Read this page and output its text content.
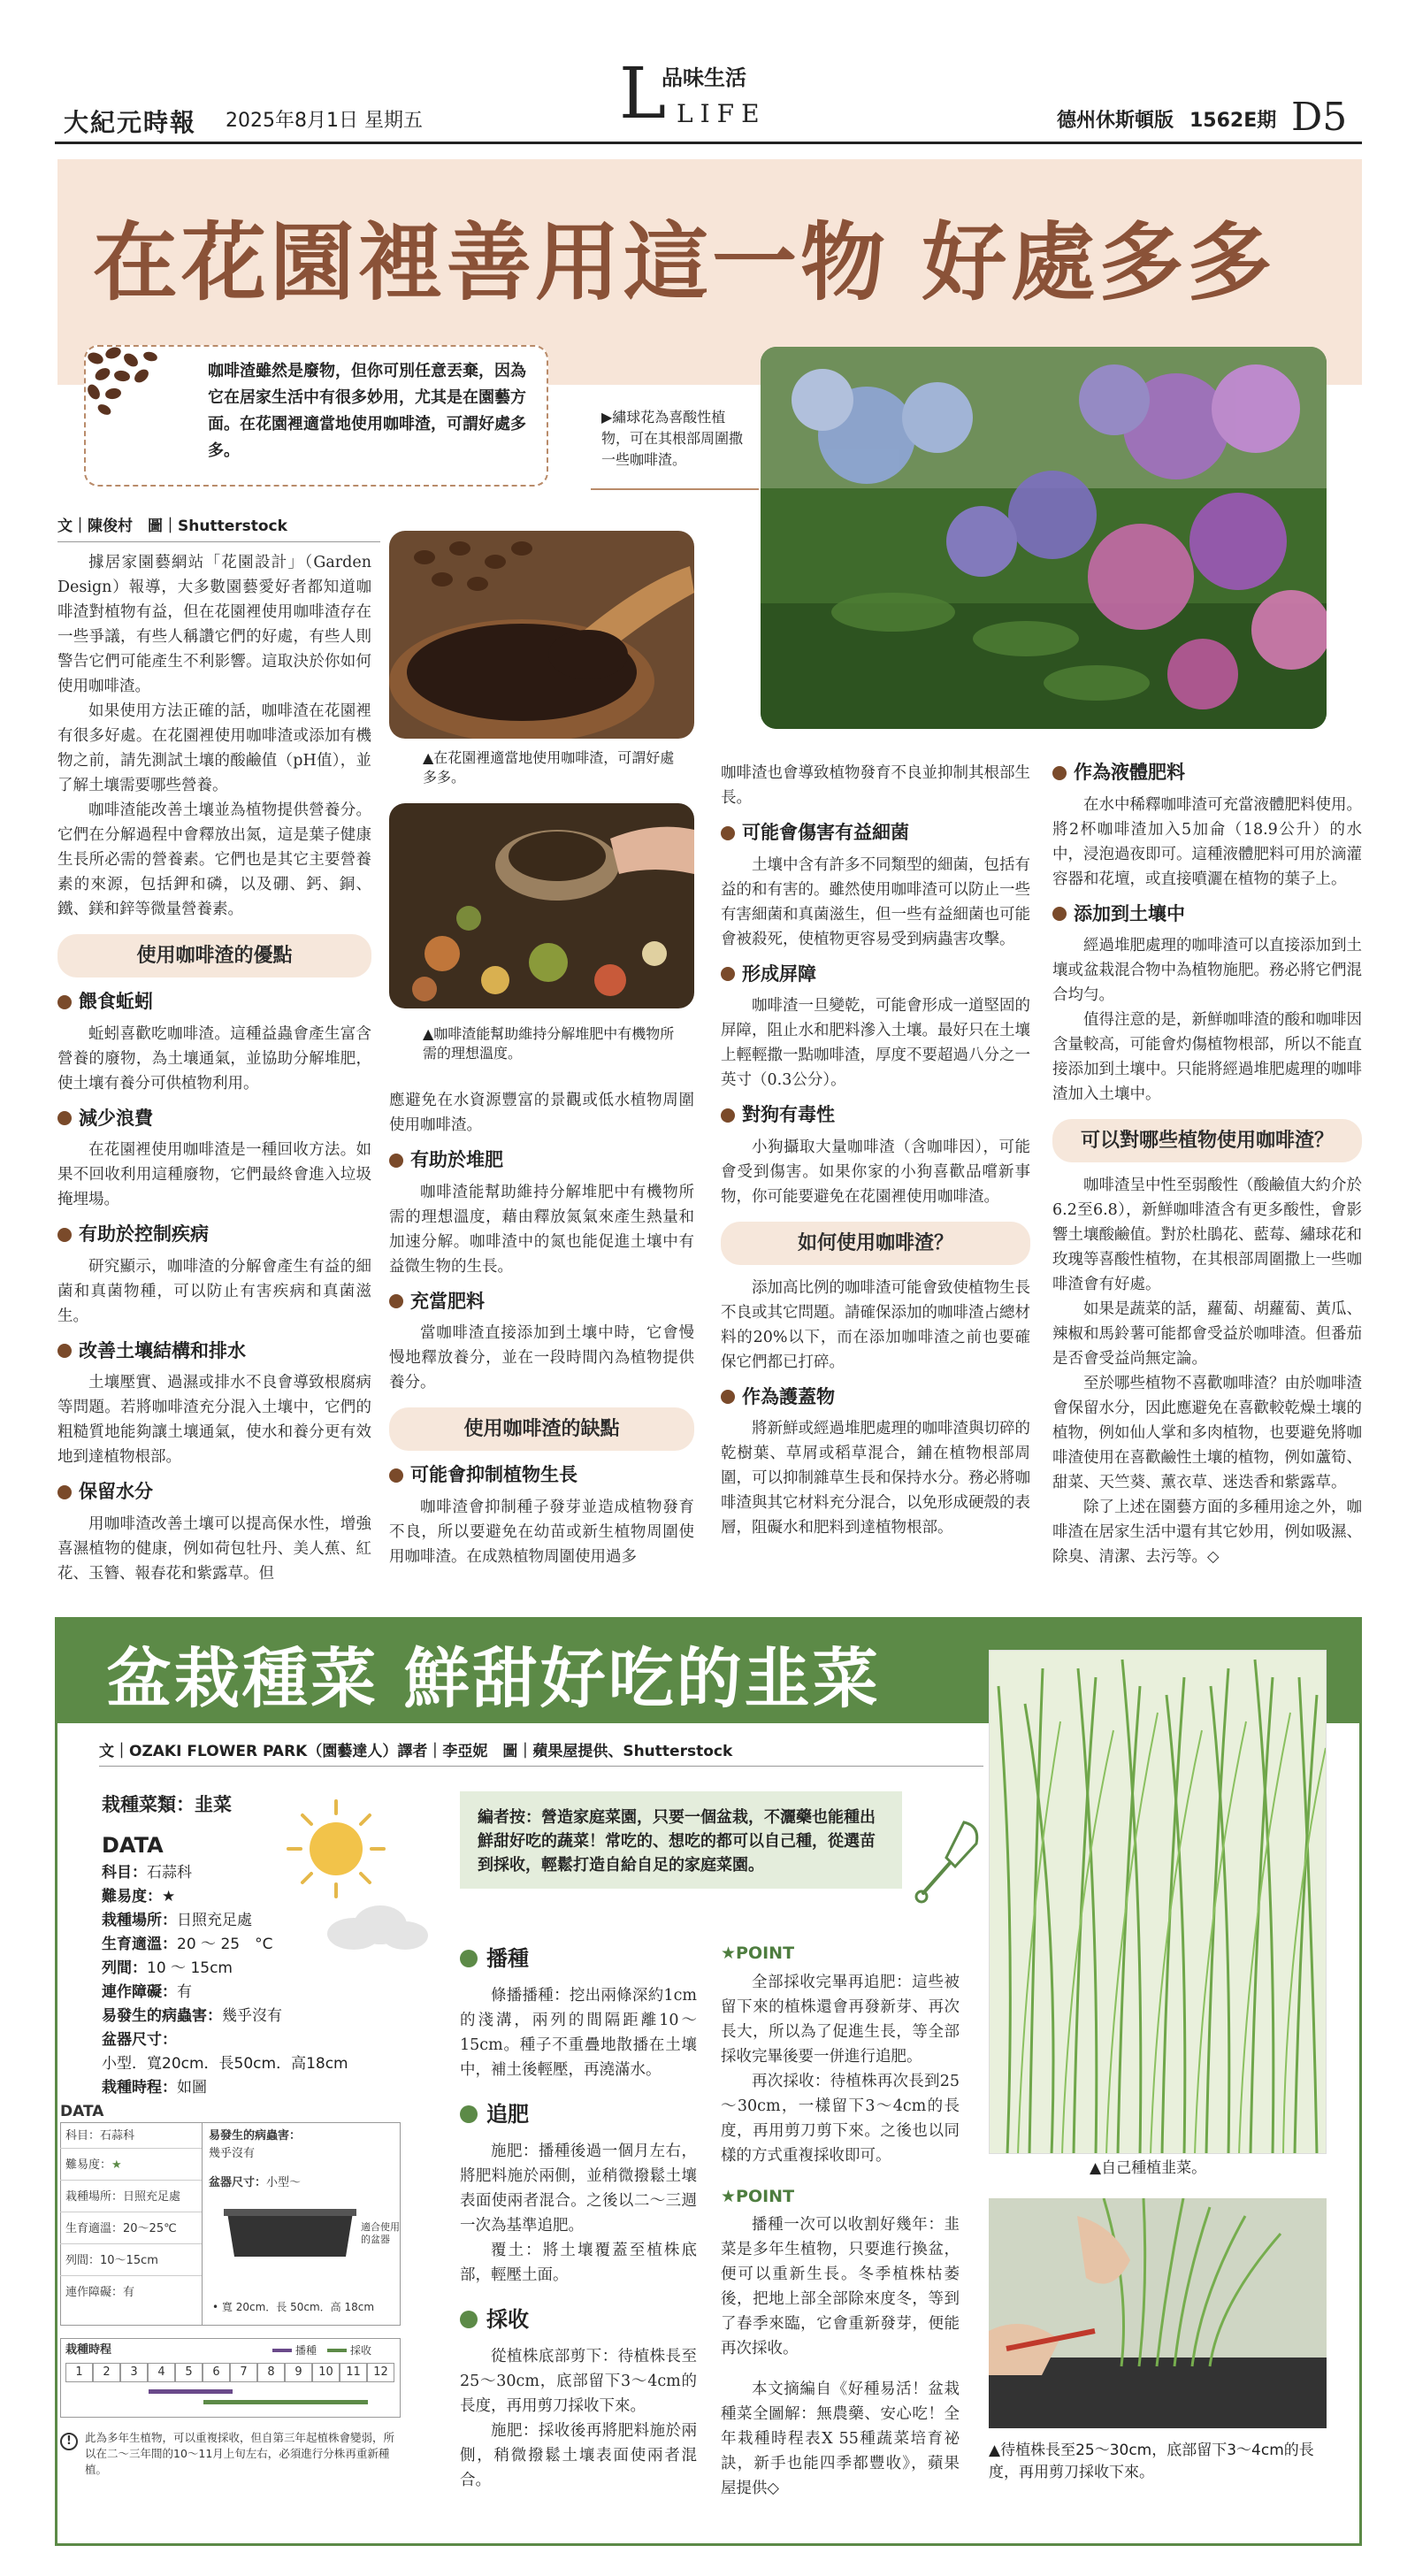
大紀元時報 2025年8月1日 星期五	L
品味生活
LIFE	德州休斯頓版 1562E期 D5
在花園裡善用這一物 好處多多
咖啡渣雖然是廢物，但你可別任意丟棄，因為它在居家生活中有很多妙用，尤其是在園藝方面。在花園裡適當地使用咖啡渣，可謂好處多多。
▶繡球花為喜酸性植物，可在其根部周圍撒一些咖啡渣。
文｜陳俊村　圖｜Shutterstock

據居家園藝網站「花園設計」（Garden Design）報導，大多數園藝愛好者都知道咖啡渣對植物有益，但在花園裡使用咖啡渣存在一些爭議，有些人稱讚它們的好處，有些人則警告它們可能產生不利影響。這取決於你如何使用咖啡渣。

如果使用方法正確的話，咖啡渣在花園裡有很多好處。在花園裡使用咖啡渣或添加有機物之前，請先測試土壤的酸鹼值（pH值），並了解土壤需要哪些營養。

咖啡渣能改善土壤並為植物提供營養分。它們在分解過程中會釋放出氮，這是葉子健康生長所必需的營養素。它們也是其它主要營養素的來源，包括鉀和磷，以及硼、鈣、銅、鐵、鎂和鋅等微量營養素。

使用咖啡渣的優點
餵食蚯蚓

蚯蚓喜歡吃咖啡渣。這種益蟲會產生富含營養的廢物，為土壤通氣，並協助分解堆肥，使土壤有養分可供植物利用。

減少浪費

在花園裡使用咖啡渣是一種回收方法。如果不回收利用這種廢物，它們最終會進入垃圾掩埋場。

有助於控制疾病

研究顯示，咖啡渣的分解會產生有益的細菌和真菌物種，可以防止有害疾病和真菌滋生。

改善土壤結構和排水

土壤壓實、過濕或排水不良會導致根腐病等問題。若將咖啡渣充分混入土壤中，它們的粗糙質地能夠讓土壤通氣，使水和養分更有效地到達植物根部。

保留水分

用咖啡渣改善土壤可以提高保水性，增強喜濕植物的健康，例如荷包牡丹、美人蕉、紅花、玉簪、報春花和紫露草。但

▲在花園裡適當地使用咖啡渣，可謂好處多多。
▲咖啡渣能幫助維持分解堆肥中有機物所需的理想溫度。

應避免在水資源豐富的景觀或低水植物周圍使用咖啡渣。

有助於堆肥

咖啡渣能幫助維持分解堆肥中有機物所需的理想溫度，藉由釋放氮氣來產生熱量和加速分解。咖啡渣中的氮也能促進土壤中有益微生物的生長。

充當肥料

當咖啡渣直接添加到土壤中時，它會慢慢地釋放養分，並在一段時間內為植物提供養分。

使用咖啡渣的缺點
可能會抑制植物生長

咖啡渣會抑制種子發芽並造成植物發育不良，所以要避免在幼苗或新生植物周圍使用咖啡渣。在成熟植物周圍使用過多

咖啡渣也會導致植物發育不良並抑制其根部生長。

可能會傷害有益細菌

土壤中含有許多不同類型的細菌，包括有益的和有害的。雖然使用咖啡渣可以防止一些有害細菌和真菌滋生，但一些有益細菌也可能會被殺死，使植物更容易受到病蟲害攻擊。

形成屏障

咖啡渣一旦變乾，可能會形成一道堅固的屏障，阻止水和肥料滲入土壤。最好只在土壤上輕輕撒一點咖啡渣，厚度不要超過八分之一英寸（0.3公分）。

對狗有毒性

小狗攝取大量咖啡渣（含咖啡因），可能會受到傷害。如果你家的小狗喜歡品嚐新事物，你可能要避免在花園裡使用咖啡渣。

如何使用咖啡渣？

添加高比例的咖啡渣可能會致使植物生長不良或其它問題。請確保添加的咖啡渣占總材料的20%以下，而在添加咖啡渣之前也要確保它們都已打碎。

作為護蓋物

將新鮮或經過堆肥處理的咖啡渣與切碎的乾樹葉、草屑或稻草混合，鋪在植物根部周圍，可以抑制雜草生長和保持水分。務必將咖啡渣與其它材料充分混合，以免形成硬殼的表層，阻礙水和肥料到達植物根部。

作為液體肥料

在水中稀釋咖啡渣可充當液體肥料使用。將2杯咖啡渣加入5加侖（18.9公升）的水中，浸泡過夜即可。這種液體肥料可用於滴灌容器和花壇，或直接噴灑在植物的葉子上。

添加到土壤中

經過堆肥處理的咖啡渣可以直接添加到土壤或盆栽混合物中為植物施肥。務必將它們混合均勻。

值得注意的是，新鮮咖啡渣的酸和咖啡因含量較高，可能會灼傷植物根部，所以不能直接添加到土壤中。只能將經過堆肥處理的咖啡渣加入土壤中。

可以對哪些植物使用咖啡渣？

咖啡渣呈中性至弱酸性（酸鹼值大約介於6.2至6.8），新鮮咖啡渣含有更多酸性，會影響土壤酸鹼值。對於杜鵑花、藍莓、繡球花和玫瑰等喜酸性植物，在其根部周圍撒上一些咖啡渣會有好處。

如果是蔬菜的話，蘿蔔、胡蘿蔔、黃瓜、辣椒和馬鈴薯可能都會受益於咖啡渣。但番茄是否會受益尚無定論。

至於哪些植物不喜歡咖啡渣？由於咖啡渣會保留水分，因此應避免在喜歡較乾燥土壤的植物，例如仙人掌和多肉植物，也要避免將咖啡渣使用在喜歡鹼性土壤的植物，例如蘆筍、甜菜、天竺葵、薰衣草、迷迭香和紫露草。

除了上述在園藝方面的多種用途之外，咖啡渣在居家生活中還有其它妙用，例如吸濕、除臭、清潔、去污等。◇

盆栽種菜 鮮甜好吃的韭菜
文｜OZAKI FLOWER PARK（園藝達人）譯者｜李亞妮　圖｜蘋果屋提供、Shutterstock
栽種菜類：韭菜
DATA
科目：石蒜科
難易度：★
栽種場所：日照充足處
生育適溫：20 ～ 25　°C
列間：10 ～ 15cm
連作障礙：有
易發生的病蟲害：幾乎沒有
盆器尺寸：
小型．寬20cm．長50cm．高18cm
栽種時程：如圖
編者按：營造家庭菜園，只要一個盆栽，不灑藥也能種出鮮甜好吃的蔬菜！常吃的、想吃的都可以自己種，從選苗到採收，輕鬆打造自給自足的家庭菜園。
DATA
科目：石蒜科
難易度：★
栽種場所：日照充足處
生育適溫：20～25℃
列間：10～15cm
連作障礙：有
易發生的病蟲害：
幾乎沒有
盆器尺寸：小型～
適合使用的盆器
• 寬 20cm．長 50cm．高 18cm
栽種時程	播種	採收
1	2	3	4	5	6	7	8	9	10	11	12
!	此為多年生植物，可以重複採收，但自第三年起植株會變弱，所以在二～三年間的10～11月上旬左右，必須進行分株再重新種植。
播種

條播播種：挖出兩條深約1cm的淺溝，兩列的間隔距離10～15cm。種子不重疊地散播在土壤中，補土後輕壓，再澆滿水。

追肥

施肥：播種後過一個月左右，將肥料施於兩側，並稍微撥鬆土壤表面使兩者混合。之後以二～三週一次為基準追肥。

覆土：將土壤覆蓋至植株底部，輕壓土面。

採收

從植株底部剪下：待植株長至25～30cm，底部留下3～4cm的長度，再用剪刀採收下來。

施肥：採收後再將肥料施於兩側，稍微撥鬆土壤表面使兩者混合。

★POINT

全部採收完畢再追肥：這些被留下來的植株還會再發新芽、再次長大，所以為了促進生長，等全部採收完畢後要一併進行追肥。

再次採收：待植株再次長到25～30cm，一樣留下3～4cm的長度，再用剪刀剪下來。之後也以同樣的方式重複採收即可。

★POINT

播種一次可以收割好幾年：韭菜是多年生植物，只要進行換盆，便可以重新生長。冬季植株枯萎後，把地上部全部除來度冬，等到了春季來臨，它會重新發芽，便能再次採收。

本文摘編自《好種易活！盆栽種菜全圖解：無農藥、安心吃！全年栽種時程表X 55種蔬菜培育祕訣，新手也能四季都豐收》，蘋果屋提供◇

▲自己種植韭菜。
▲待植株長至25～30cm，底部留下3～4cm的長度，再用剪刀採收下來。
